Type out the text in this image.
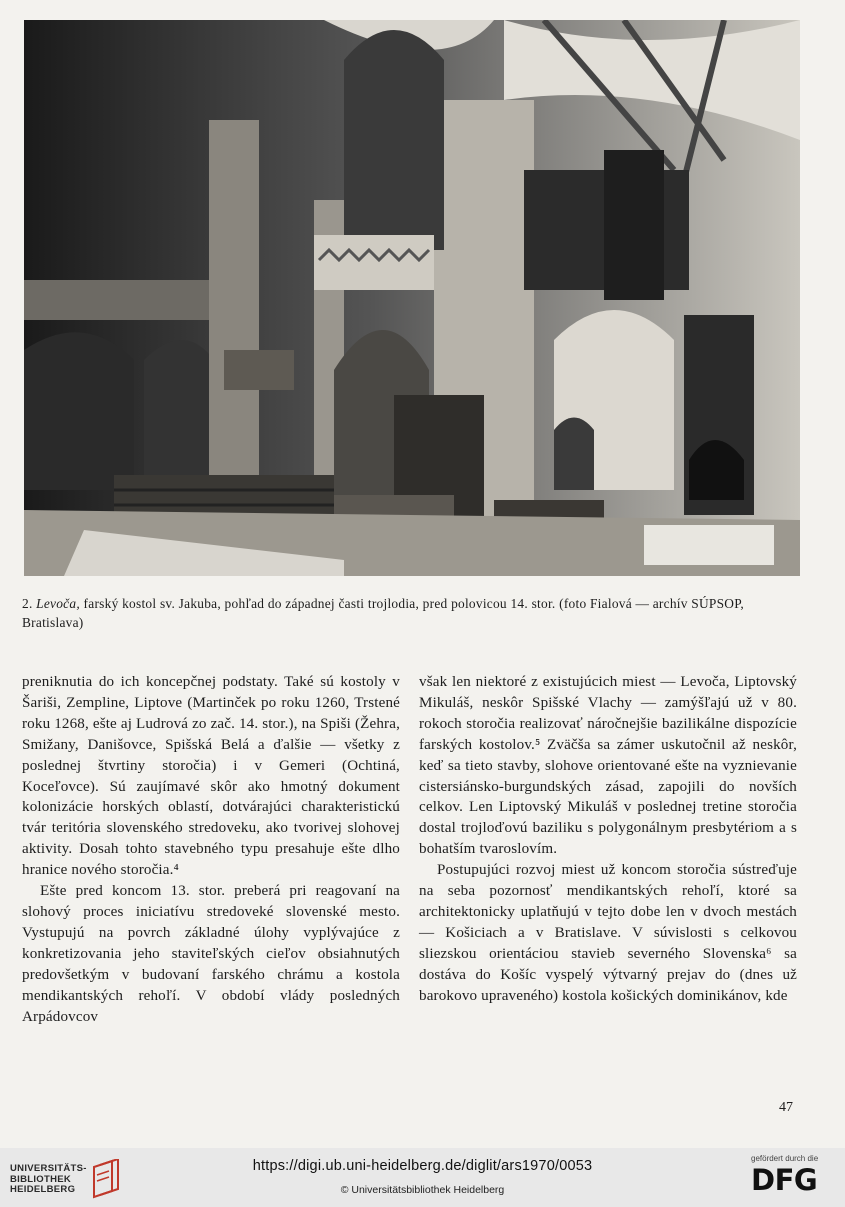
2. Levoča, farský kostol sv. Jakuba, pohľad do západnej časti trojlodia, pred polovicou 14. stor. (foto Fialová — archív SÚPSOP, Bratislava)

preniknutia do ich koncepčnej podstaty. Také sú kostoly v Šariši, Zempline, Liptove (Martinček po roku 1260, Trstené roku 1268, ešte aj Ludrová zo zač. 14. stor.), na Spiši (Žehra, Smižany, Danišovce, Spišská Belá a ďalšie — všetky z poslednej štvrtiny storočia) i v Gemeri (Ochtiná, Koceľovce). Sú zaujímavé skôr ako hmotný dokument kolonizácie horských oblastí, dotvárajúci charakteristickú tvár teritória slovenského stredoveku, ako tvorivej slohovej aktivity. Dosah tohto stavebného typu presahuje ešte dlho hranice nového storočia.⁴

Ešte pred koncom 13. stor. preberá pri reagovaní na slohový proces iniciatívu stredoveké slovenské mesto. Vystupujú na povrch základné úlohy vyplývajúce z konkretizovania jeho staviteľských cieľov obsiahnutých predovšetkým v budovaní farského chrámu a kostola mendikantských rehoľí. V období vlády posledných Arpádovcov

však len niektoré z existujúcich miest — Levoča, Liptovský Mikuláš, neskôr Spišské Vlachy — zamýšľajú už v 80. rokoch storočia realizovať náročnejšie bazilikálne dispozície farských kostolov.⁵ Zväčša sa zámer uskutočnil až neskôr, keď sa tieto stavby, slohove orientované ešte na vyznievanie cistersiánsko-burgundských zásad, zapojili do novších celkov. Len Liptovský Mikuláš v poslednej tretine storočia dostal trojloďovú baziliku s polygonálnym presbytériom a s bohatším tvaroslovím.

Postupujúci rozvoj miest už koncom storočia sústreďuje na seba pozornosť mendikantských rehoľí, ktoré sa architektonicky uplatňujú v tejto dobe len v dvoch mestách — Košiciach a v Bratislave. V súvislosti s celkovou sliezskou orientáciou stavieb severného Slovenska⁶ sa dostáva do Košíc vyspelý výtvarný prejav do (dnes už barokovo upraveného) kostola košických dominikánov, kde

47
UNIVERSITÄTS-
BIBLIOTHEK
HEIDELBERG
https://digi.ub.uni-heidelberg.de/diglit/ars1970/0053
© Universitätsbibliothek Heidelberg
gefördert durch die
DFG
